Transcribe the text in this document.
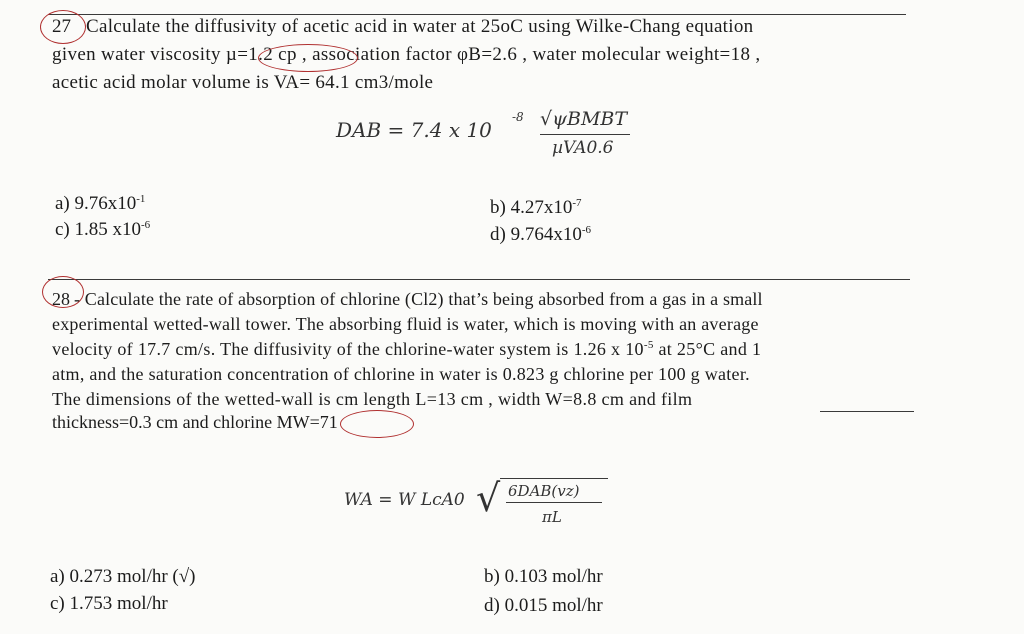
27 Calculate the diffusivity of acetic acid in water at 25oC using Wilke-Chang equation
given water viscosity µ=1.2 cp , association factor φB=2.6 , water molecular weight=18 ,
acetic acid molar volume is VA= 64.1 cm3/mole
DAB = 7.4 x 10
-8 √ψBMBT
µVA0.6
a) $9.76x10^{-1}$	b) $4.27x10^{-7}$
c) 1.85 $x10^{-6}$	d) $9.764x10^{-6}$
28 - Calculate the rate of absorption of chlorine (Cl2) that’s being absorbed from a gas in a small
experimental wetted-wall tower. The absorbing fluid is water, which is moving with an average
velocity of 17.7 cm/s. The diffusivity of the chlorine-water system is 1.26 x $10^{-5}$ at 25°C and 1
atm, and the saturation concentration of chlorine in water is 0.823 g chlorine per 100 g water.
The dimensions of the wetted-wall is cm length L=13 cm , width W=8.8 cm and film
thickness=0.3 cm and chlorine MW=71
WA = W LcA0 √ 6DAB(vz)
πL
a) 0.273 mol/hr (√)	b) 0.103 mol/hr
c) 1.753 mol/hr	d) 0.015 mol/hr
